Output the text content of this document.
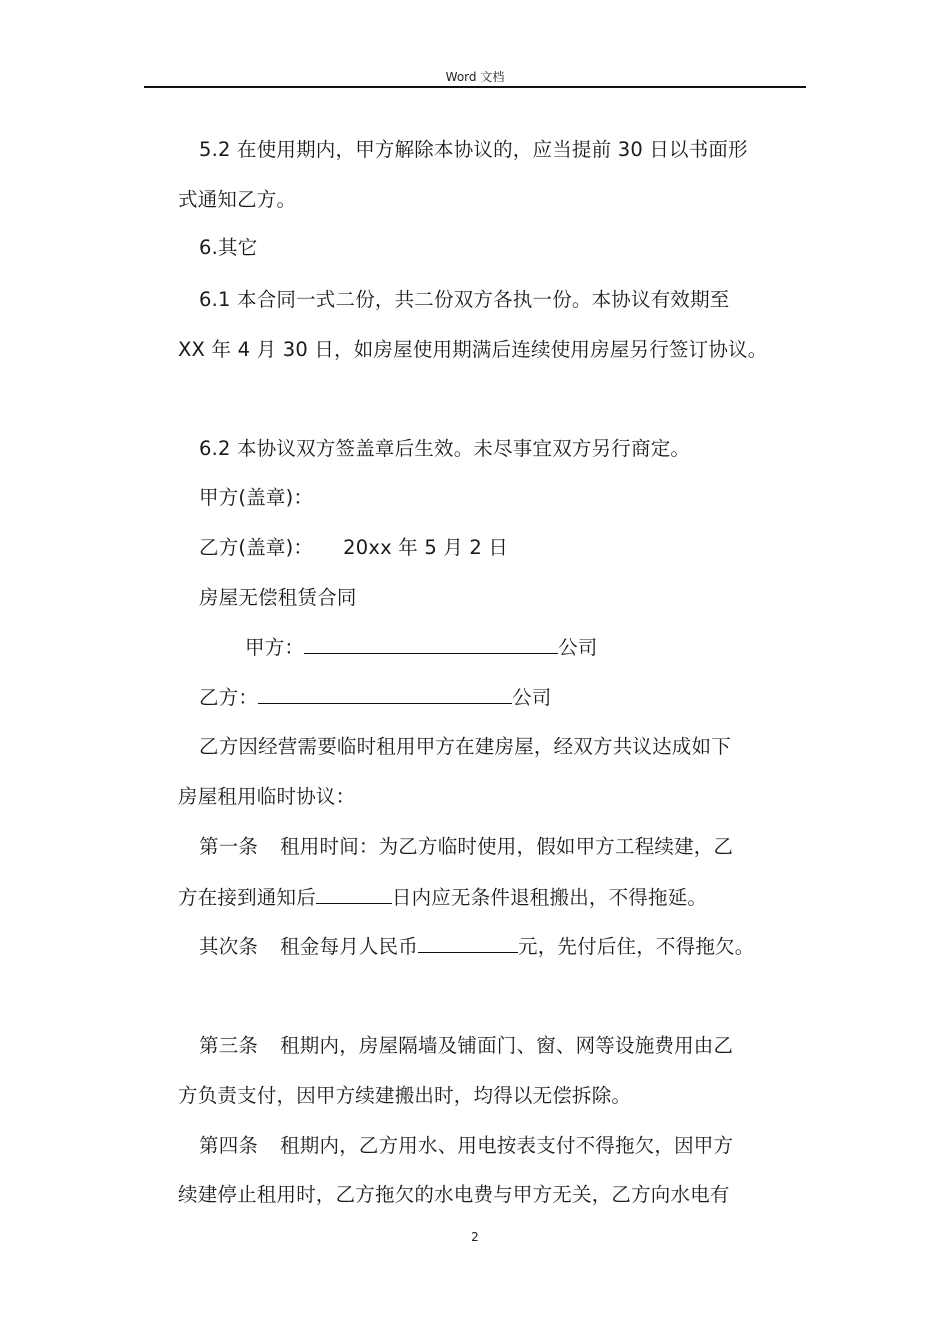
Word 文档
5.2 在使用期内，甲方解除本协议的，应当提前 30 日以书面形
式通知乙方。
6.其它
6.1 本合同一式二份，共二份双方各执一份。本协议有效期至
XX 年 4 月 30 日，如房屋使用期满后连续使用房屋另行签订协议。
6.2 本协议双方签盖章后生效。未尽事宜双方另行商定。
甲方(盖章)：
乙方(盖章)： 20xx 年 5 月 2 日
房屋无偿租赁合同
甲方：	公司
乙方：	公司
乙方因经营需要临时租用甲方在建房屋，经双方共议达成如下
房屋租用临时协议：
第一条 租用时间：为乙方临时使用，假如甲方工程续建，乙
方在接到通知后	日内应无条件退租搬出，不得拖延。
其次条 租金每月人民币	元，先付后住，不得拖欠。
第三条 租期内，房屋隔墙及铺面门、窗、网等设施费用由乙
方负责支付，因甲方续建搬出时，均得以无偿拆除。
第四条 租期内，乙方用水、用电按表支付不得拖欠，因甲方
续建停止租用时，乙方拖欠的水电费与甲方无关，乙方向水电有
2
